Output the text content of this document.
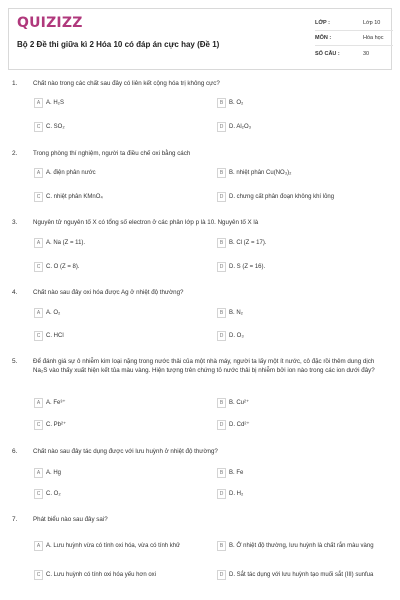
QUIZIZZ
Bộ 2 Đề thi giữa kì 2 Hóa 10 có đáp án cực hay (Đề 1)
LỚP :	Lớp 10
MÔN :	Hóa học
SỐ CÂU :	30
1.	Chất nào trong các chất sau đây có liên kết cộng hóa trị không cực?
A A. H₂S	B B. O₂
C C. SO₂	D D. Al₂O₃
2.	Trong phòng thí nghiệm, người ta điều chế oxi bằng cách
A A. điện phân nước	B B. nhiệt phân Cu(NO₃)₂
C C. nhiệt phân KMnO₄	D D. chưng cất phân đoạn không khí lỏng
3.	Nguyên tử nguyên tố X có tổng số electron ở các phân lớp p là 10. Nguyên tố X là
A A. Na (Z = 11).	B B. Cl (Z = 17).
C C. O (Z = 8).	D D. S (Z = 16).
4.	Chất nào sau đây oxi hóa được Ag ở nhiệt độ thường?
A A. O₂	B B. N₂
C C. HCl	D D. O₃
5.	Để đánh giá sự ô nhiễm kim loại nặng trong nước thải của một nhà máy, người ta lấy một ít nước, cô đặc rồi thêm dung dịch Na₂S vào thấy xuất hiện kết tủa màu vàng. Hiện tượng trên chứng tỏ nước thải bị nhiễm bởi ion nào trong các ion dưới đây?
A A. Fe³⁺	B B. Cu²⁺
C C. Pb²⁺	D D. Cd²⁺
6.	Chất nào sau đây tác dụng được với lưu huỳnh ở nhiệt độ thường?
A A. Hg	B B. Fe
C C. O₂	D D. H₂
7.	Phát biểu nào sau đây sai?
A A. Lưu huỳnh vừa có tính oxi hóa, vừa có tính khử	B B. Ở nhiệt độ thường, lưu huỳnh là chất rắn màu vàng
C C. Lưu huỳnh có tính oxi hóa yếu hơn oxi	D D. Sắt tác dụng với lưu huỳnh tạo muối sắt (III) sunfua
